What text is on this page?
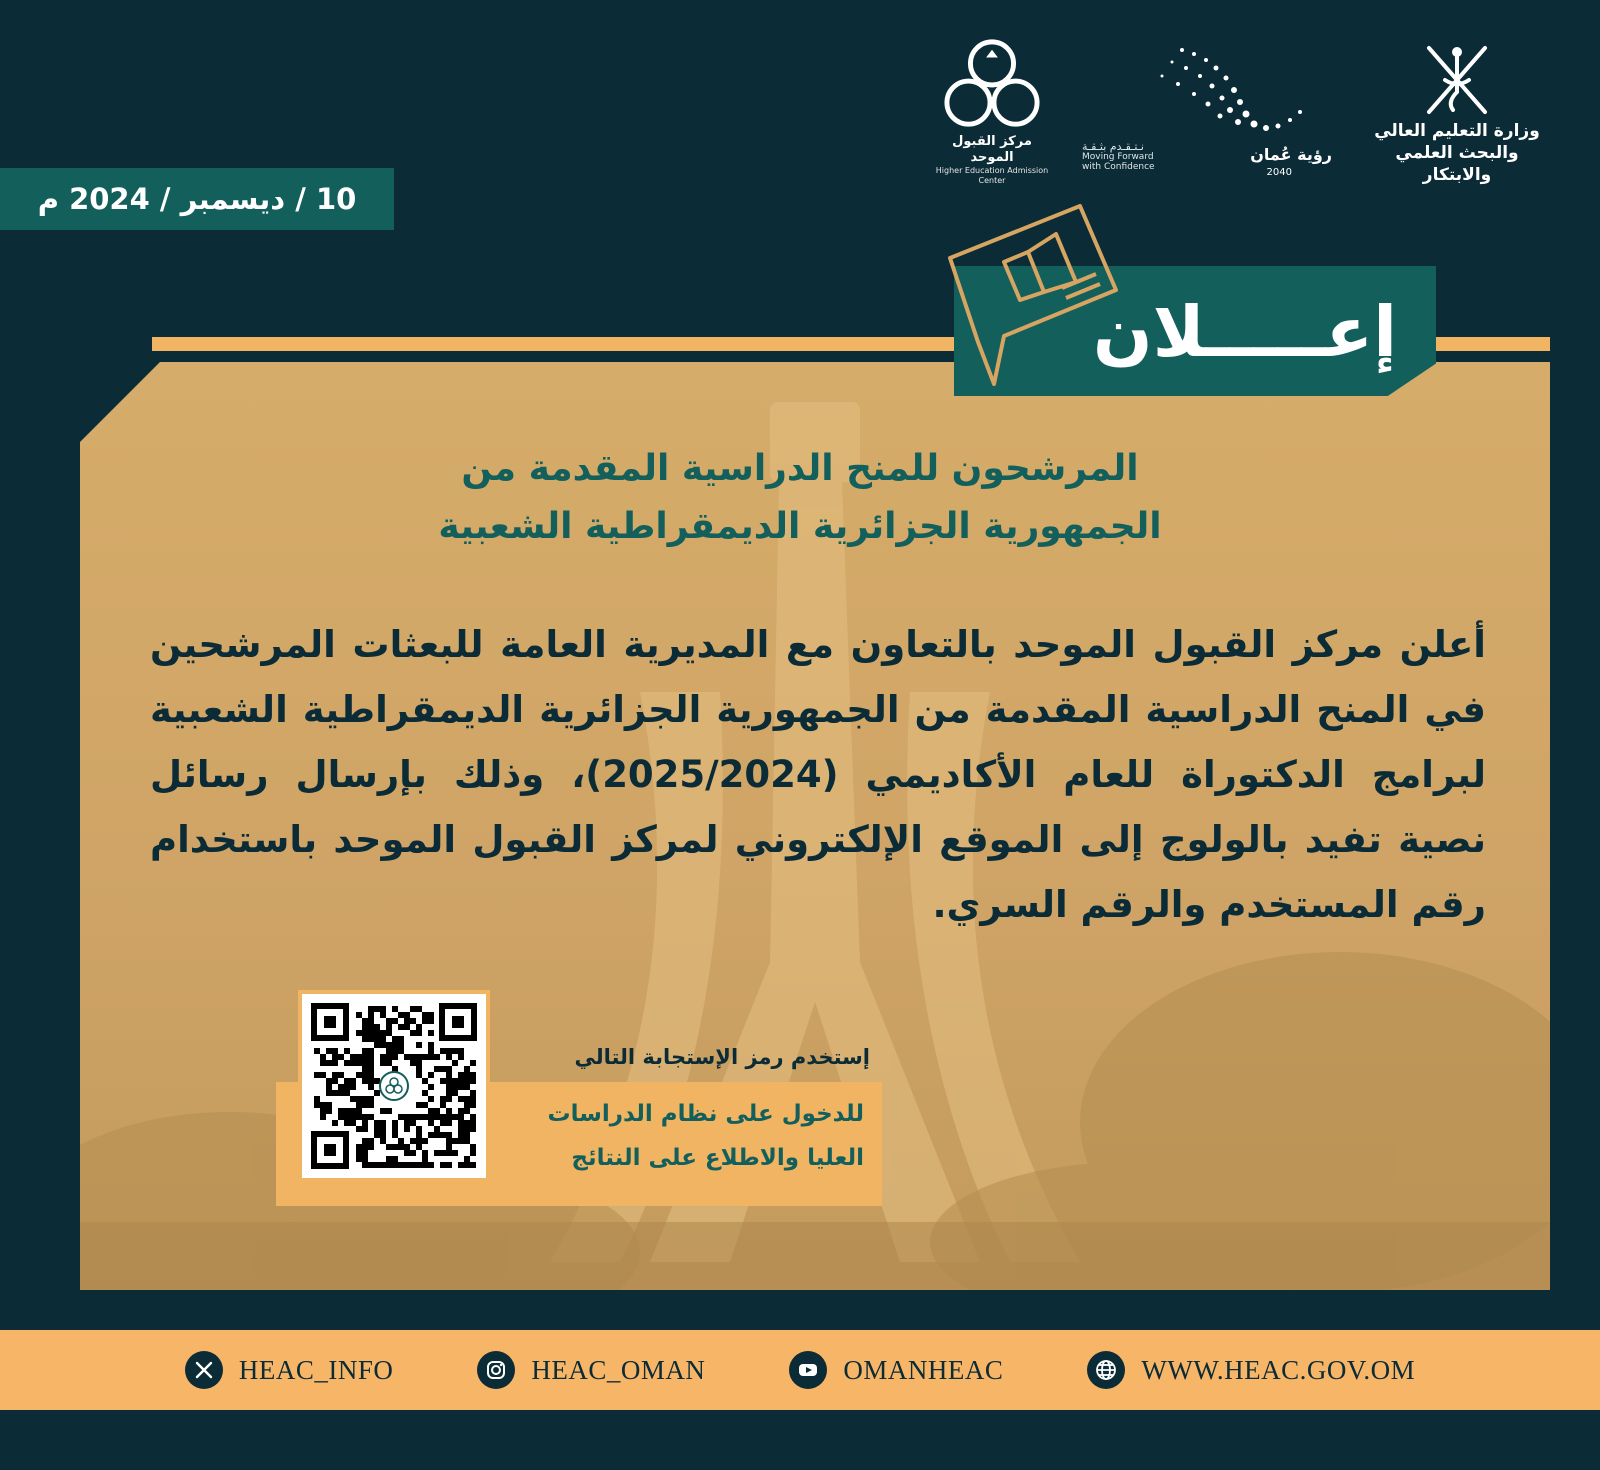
وزارة التعليم العالي
والبحث العلمي والابتكار
نـتـقـدم بثـقـة
Moving Forward
with Confidence
رؤية عُمان
2040
مركز القبول الموحد
Higher Education Admission Center
10 / ديسمبر / 2024 م
إعـــــلان
المرشحون للمنح الدراسية المقدمة من
الجمهورية الجزائرية الديمقراطية الشعبية
أعلن مركز القبول الموحد بالتعاون مع المديرية العامة للبعثات المرشحين في المنح الدراسية المقدمة من الجمهورية الجزائرية الديمقراطية الشعبية لبرامج الدكتوراة للعام الأكاديمي (2025/2024)، وذلك بإرسال رسائل نصية تفيد بالولوج إلى الموقع الإلكتروني لمركز القبول الموحد باستخدام رقم المستخدم والرقم السري.
إستخدم رمز الإستجابة التالي
للدخول على نظام الدراسات
العليا والاطلاع على النتائج
HEAC_INFO	HEAC_OMAN	OMANHEAC	WWW.HEAC.GOV.OM
